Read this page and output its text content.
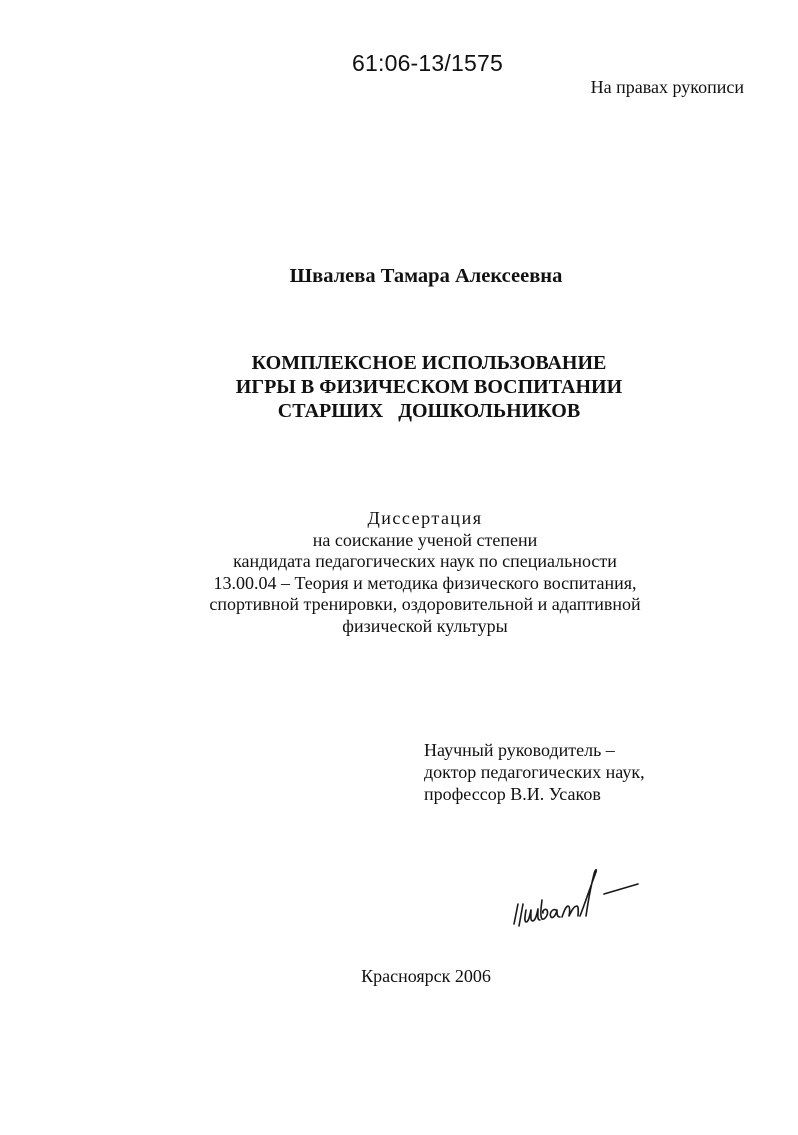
61:06-13/1575
На правах рукописи
Швалева Тамара Алексеевна
КОМПЛЕКСНОЕ ИСПОЛЬЗОВАНИЕ
ИГРЫ В ФИЗИЧЕСКОМ ВОСПИТАНИИ
СТАРШИХ   ДОШКОЛЬНИКОВ
Диссертация
на соискание ученой степени
кандидата педагогических наук по специальности
13.00.04 – Теория и методика физического воспитания,
спортивной тренировки, оздоровительной и адаптивной
физической культуры
Научный руководитель –
доктор педагогических наук,
профессор В.И. Усаков
Красноярск 2006
